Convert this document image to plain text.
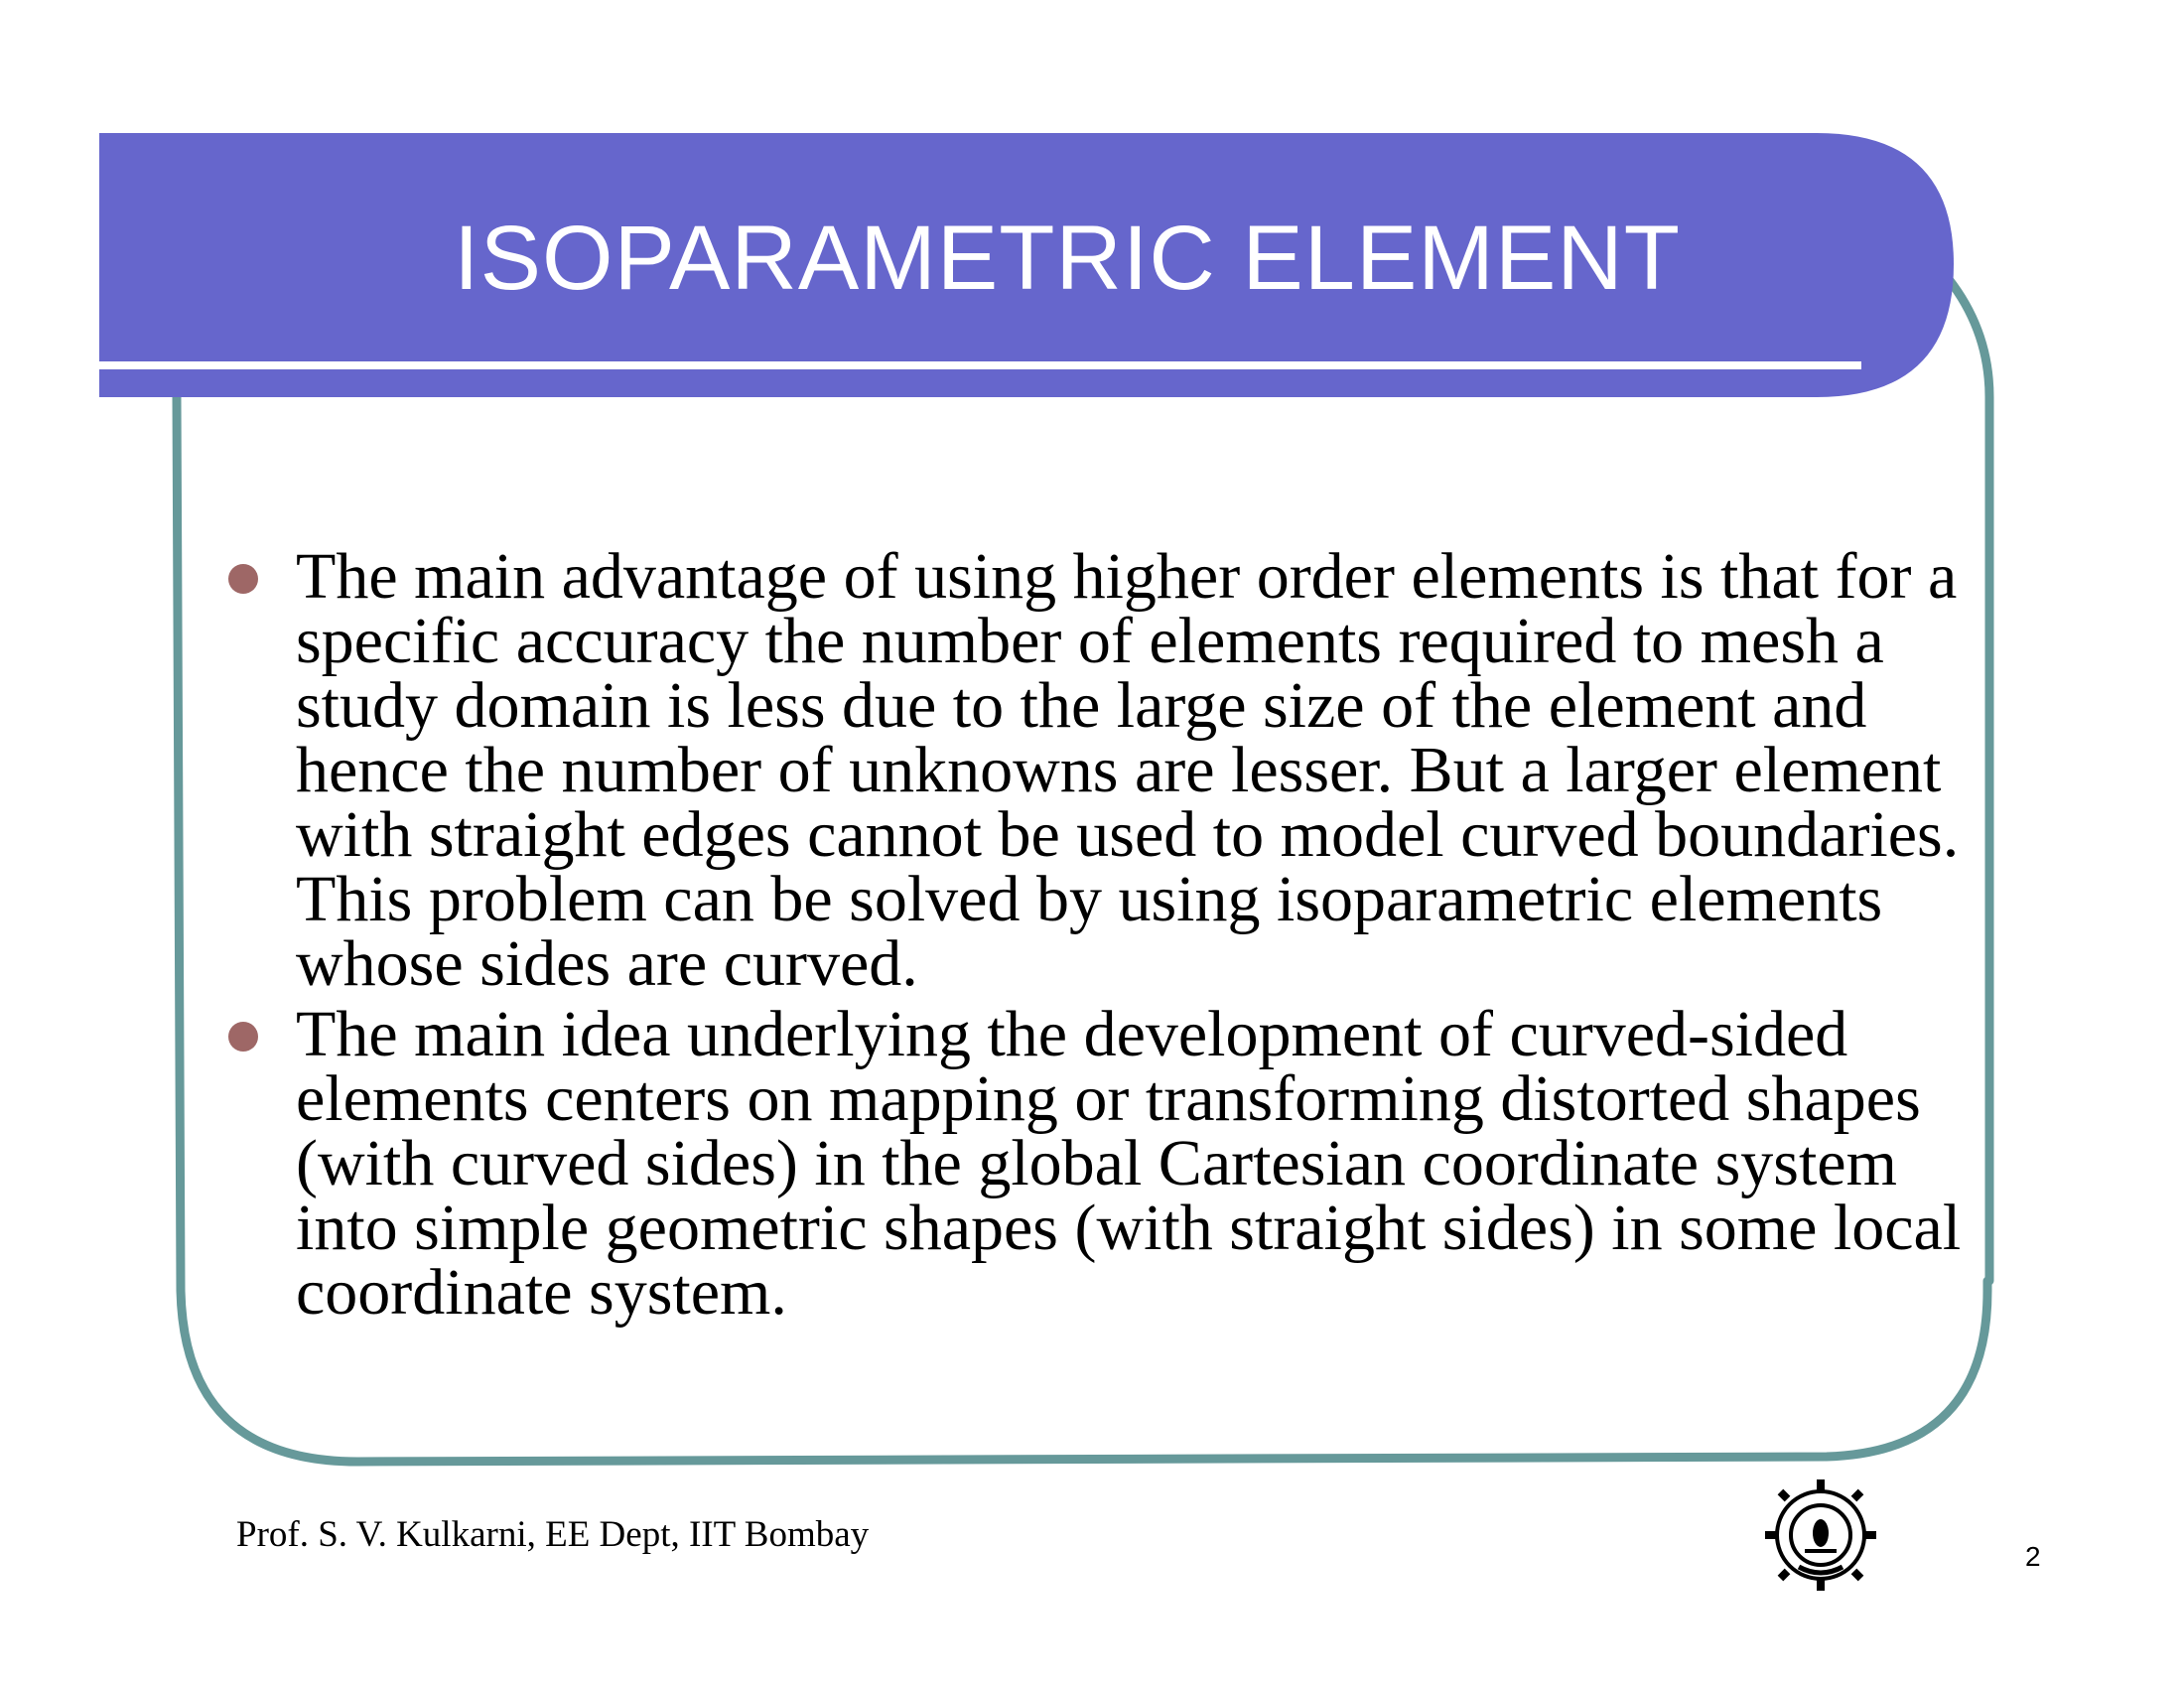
ISOPARAMETRIC ELEMENT
The main advantage of using higher order elements is that for a specific accuracy the number of elements required to mesh a study domain is less due to the large size of the element and hence the number of unknowns are lesser. But a larger element with straight edges cannot be used to model curved boundaries. This problem can be solved by using isoparametric elements whose sides are curved.
The main idea underlying the development of curved-sided elements centers on mapping or transforming distorted shapes (with curved sides) in the global Cartesian coordinate system into simple geometric shapes (with straight sides) in some local coordinate system.
Prof. S. V. Kulkarni, EE Dept, IIT Bombay
2
